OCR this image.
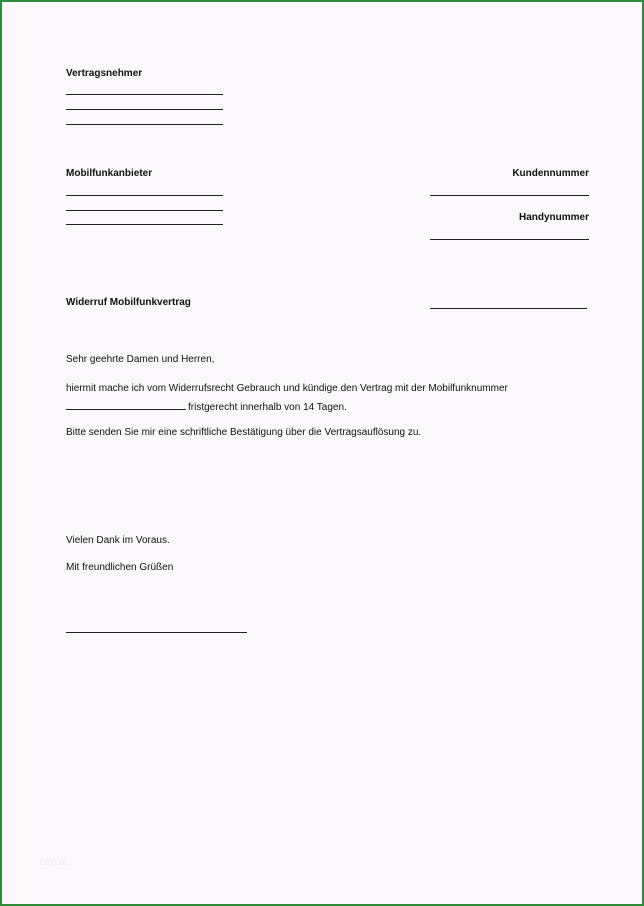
Vertragsnehmer
Mobilfunkanbieter	Kundennummer
Handynummer
Widerruf Mobilfunkvertrag
Sehr geehrte Damen und Herren,
hiermit mache ich vom Widerrufsrecht Gebrauch und kündige den Vertrag mit der Mobilfunknummer
fristgerecht innerhalb von 14 Tagen.
Bitte senden Sie mir eine schriftliche Bestätigung über die Vertragsauflösung zu.
Vielen Dank im Voraus.
Mit freundlichen Grüßen
http://...
